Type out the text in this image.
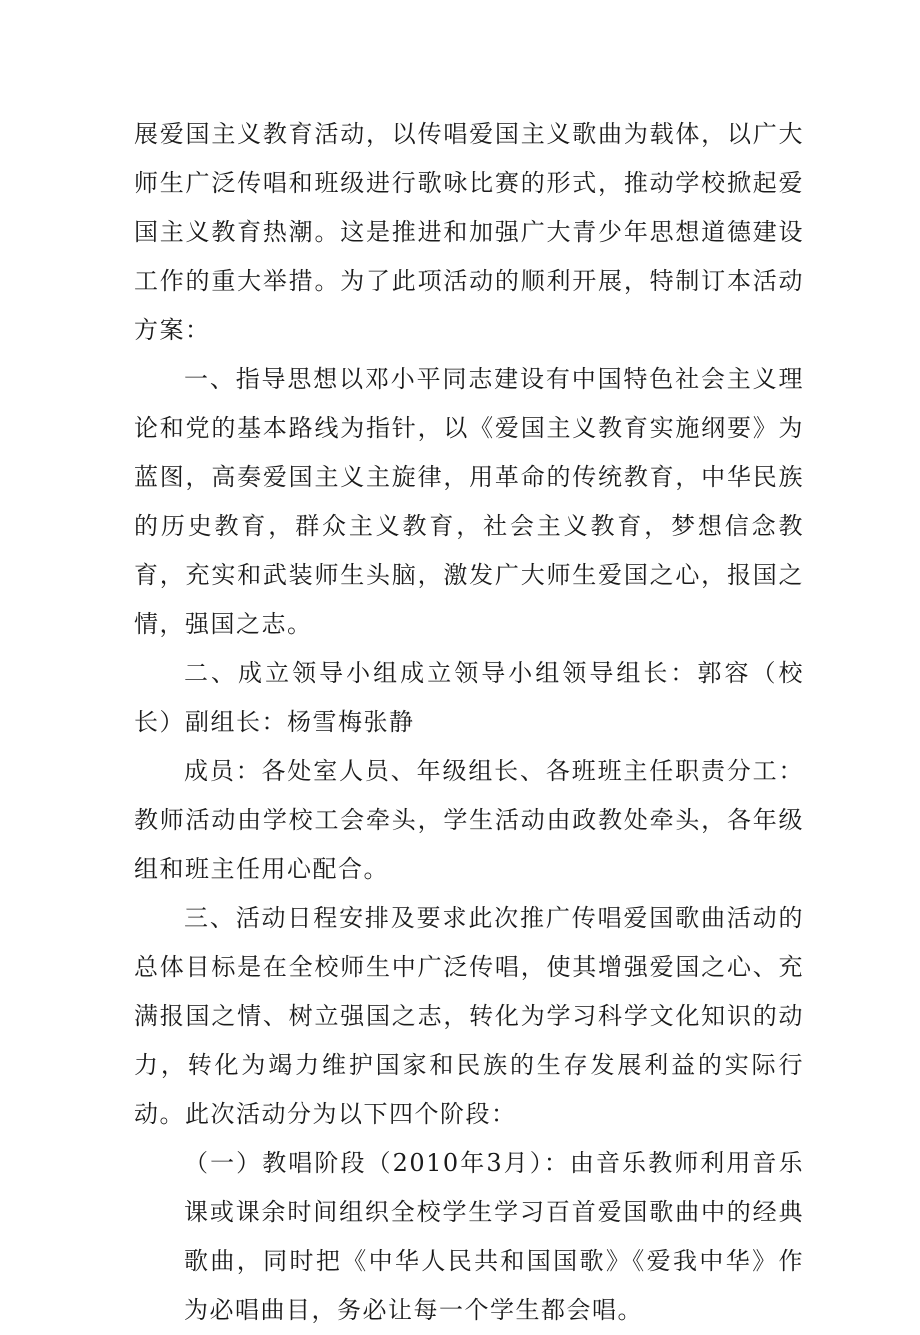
展爱国主义教育活动，以传唱爱国主义歌曲为载体，以广大师生广泛传唱和班级进行歌咏比赛的形式，推动学校掀起爱国主义教育热潮。这是推进和加强广大青少年思想道德建设工作的重大举措。为了此项活动的顺利开展，特制订本活动方案：

一、指导思想以邓小平同志建设有中国特色社会主义理论和党的基本路线为指针，以《爱国主义教育实施纲要》为蓝图，高奏爱国主义主旋律，用革命的传统教育，中华民族的历史教育，群众主义教育，社会主义教育，梦想信念教育，充实和武装师生头脑，激发广大师生爱国之心，报国之情，强国之志。

二、成立领导小组成立领导小组领导组长：郭容（校长）副组长：杨雪梅张静

成员：各处室人员、年级组长、各班班主任职责分工：教师活动由学校工会牵头，学生活动由政教处牵头，各年级组和班主任用心配合。

三、活动日程安排及要求此次推广传唱爱国歌曲活动的总体目标是在全校师生中广泛传唱，使其增强爱国之心、充满报国之情、树立强国之志，转化为学习科学文化知识的动力，转化为竭力维护国家和民族的生存发展利益的实际行动。此次活动分为以下四个阶段：

（一）教唱阶段（2010年3月）：由音乐教师利用音乐课或课余时间组织全校学生学习百首爱国歌曲中的经典歌曲，同时把《中华人民共和国国歌》《爱我中华》作为必唱曲目，务必让每一个学生都会唱。
